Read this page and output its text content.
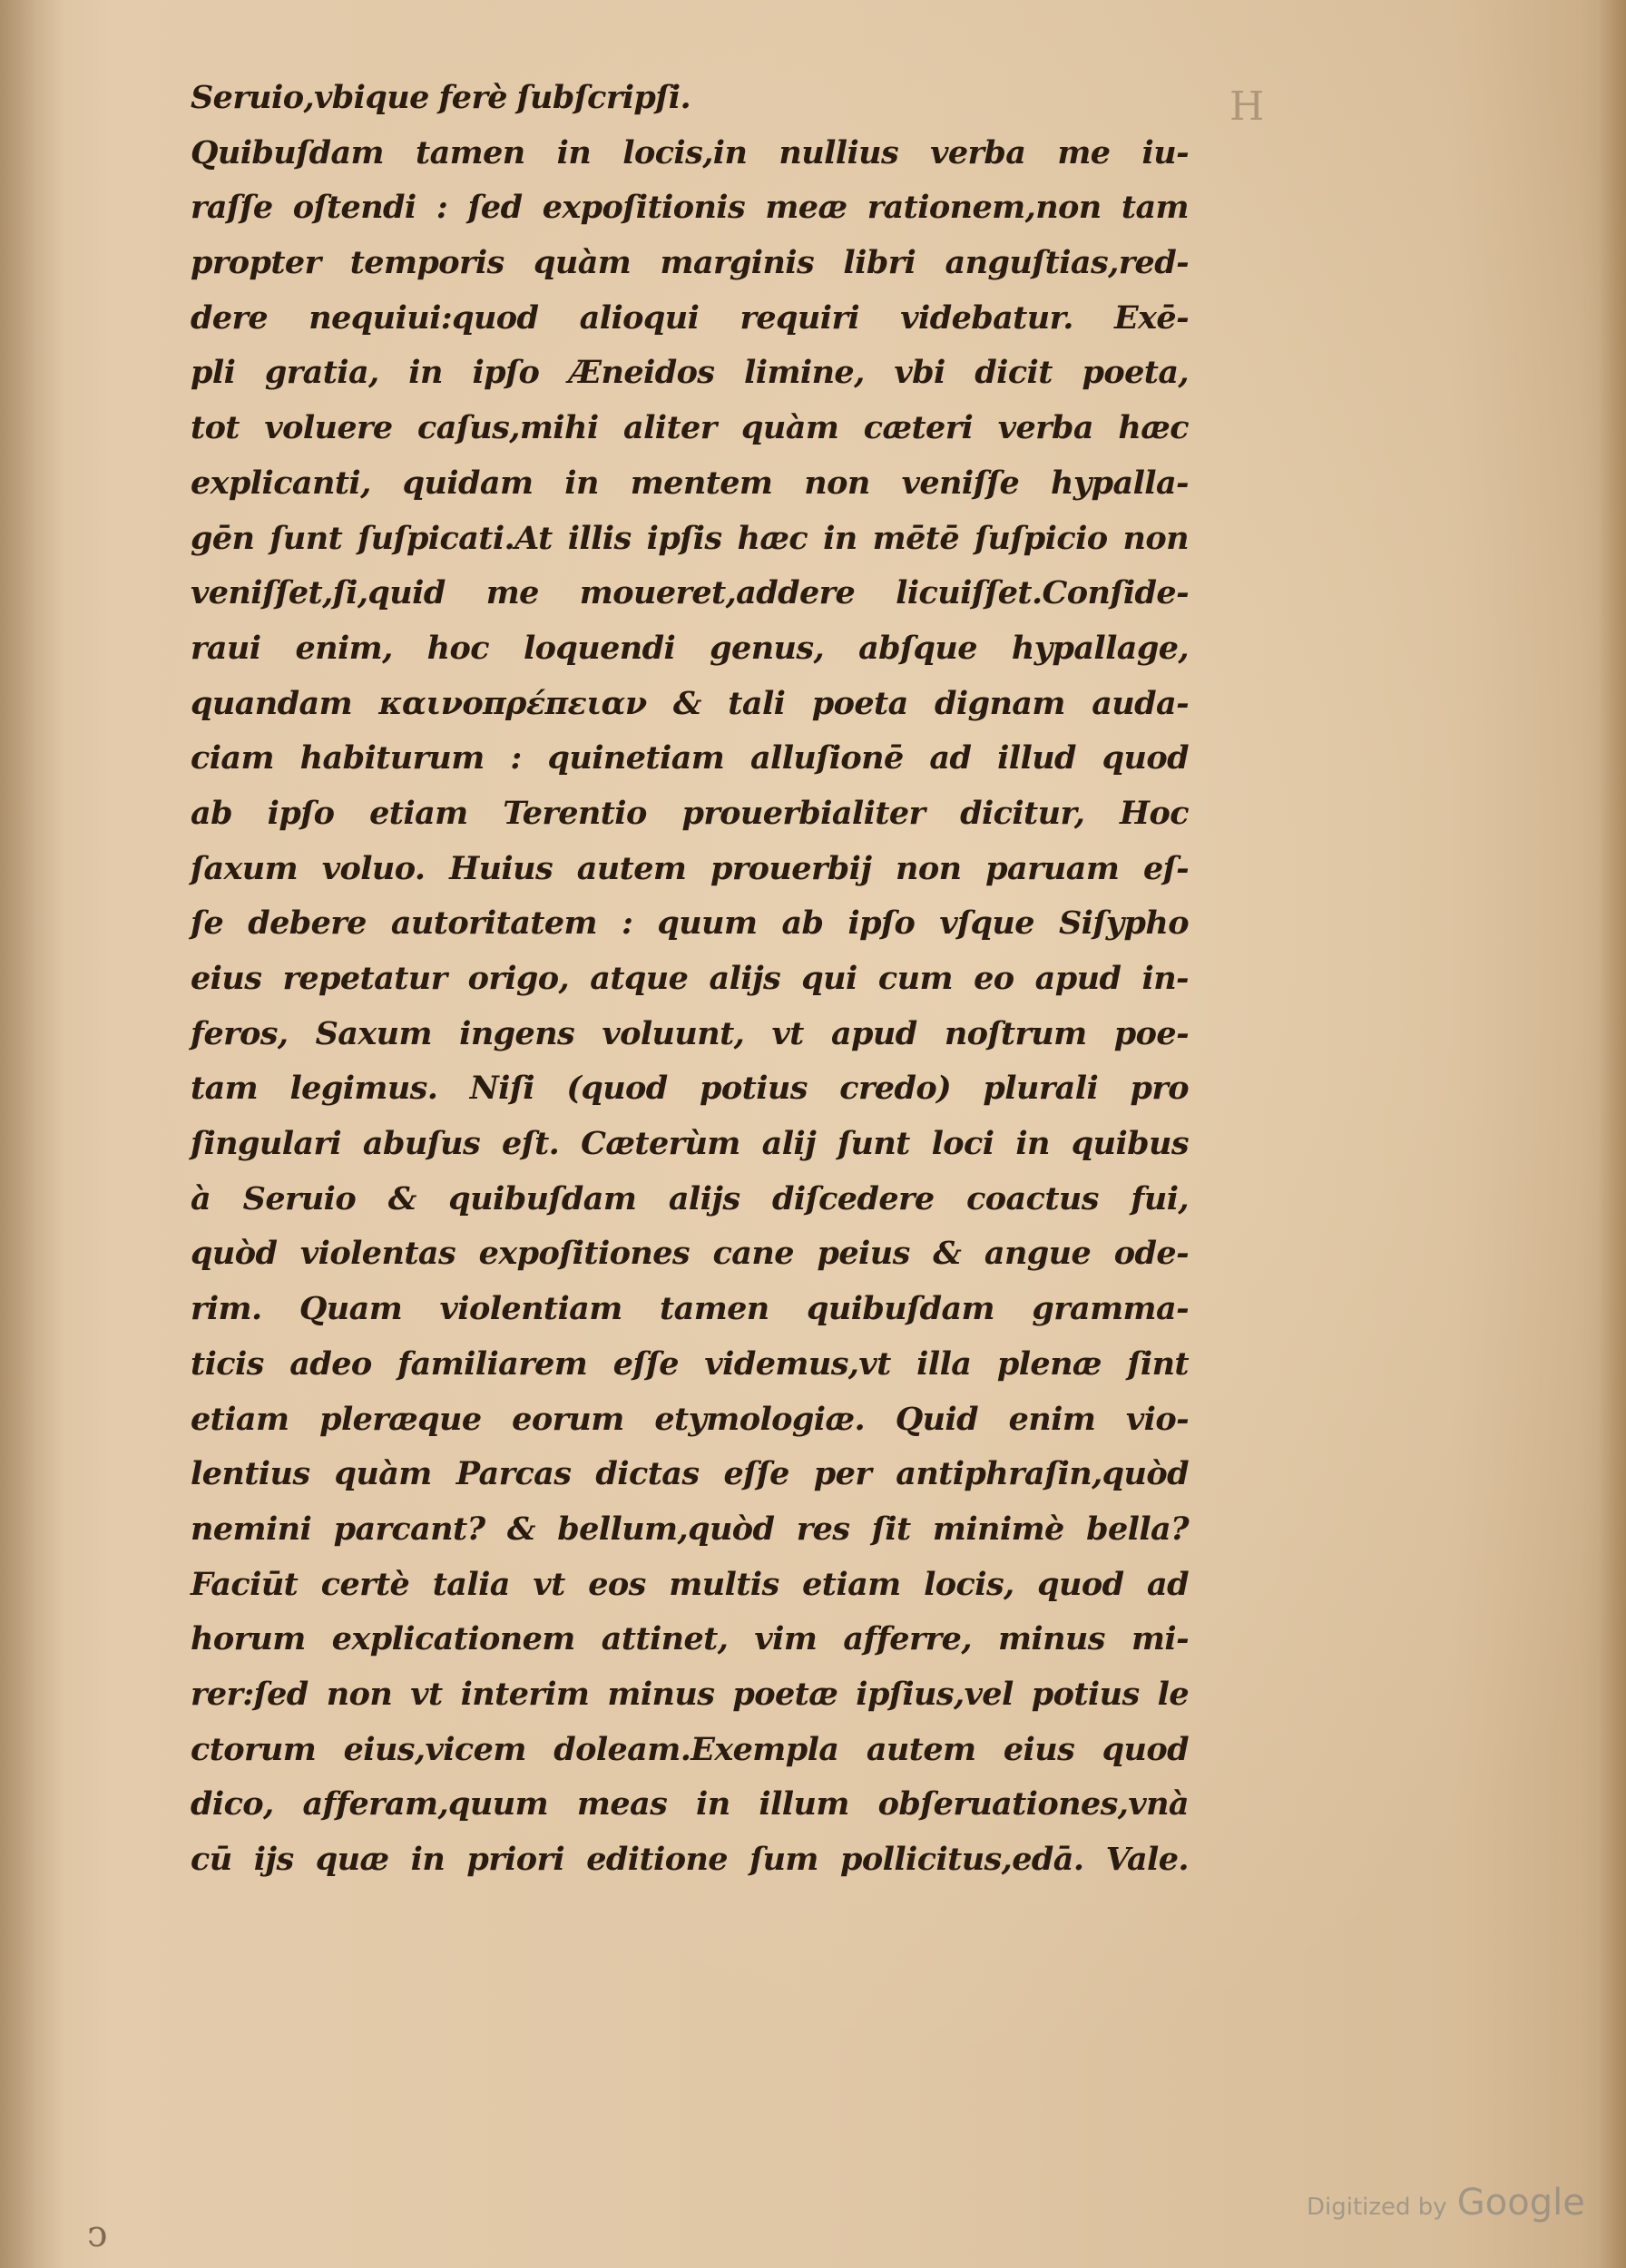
H
Seruio,vbique ferè ſubſcripſi.
Quibuſdam tamen in locis,in nullius verba me iu-
raſſe oſtendi : ſed expoſitionis meæ rationem,non tam
propter temporis quàm marginis libri anguſtias,red-
dere nequiui:quod alioqui requiri videbatur. Exē-
pli gratia, in ipſo Æneidos limine, vbi dicit poeta,
tot voluere caſus,mihi aliter quàm cæteri verba hæc
explicanti, quidam in mentem non veniſſe hypalla-
gēn ſunt ſuſpicati.At illis ipſis hæc in mētē ſuſpicio non
veniſſet,ſi,quid me moueret,addere licuiſſet.Conſide-
raui enim, hoc loquendi genus, abſque hypallage,
quandam καινοπρέπειαν & tali poeta dignam auda-
ciam habiturum : quinetiam alluſionē ad illud quod
ab ipſo etiam Terentio prouerbialiter dicitur, Hoc
ſaxum voluo. Huius autem prouerbij non paruam eſ-
ſe debere autoritatem : quum ab ipſo vſque Siſypho
eius repetatur origo, atque alijs qui cum eo apud in-
feros, Saxum ingens voluunt, vt apud noſtrum poe-
tam legimus. Niſi (quod potius credo) plurali pro
ſingulari abuſus eſt. Cæterùm alij ſunt loci in quibus
à Seruio & quibuſdam alijs diſcedere coactus fui,
quòd violentas expoſitiones cane peius & angue ode-
rim. Quam violentiam tamen quibuſdam gramma-
ticis adeo familiarem eſſe videmus,vt illa plenæ ſint
etiam pleræque eorum etymologiæ. Quid enim vio-
lentius quàm Parcas dictas eſſe per antiphraſin,quòd
nemini parcant? & bellum,quòd res ſit minimè bella?
Faciūt certè talia vt eos multis etiam locis, quod ad
horum explicationem attinet, vim afferre, minus mi-
rer:ſed non vt interim minus poetæ ipſius,vel potius le
ctorum eius,vicem doleam.Exempla autem eius quod
dico, afferam,quum meas in illum obſeruationes,vnà
cū ijs quæ in priori editione ſum pollicitus,edā. Vale.
ↄ
Digitized by Google
